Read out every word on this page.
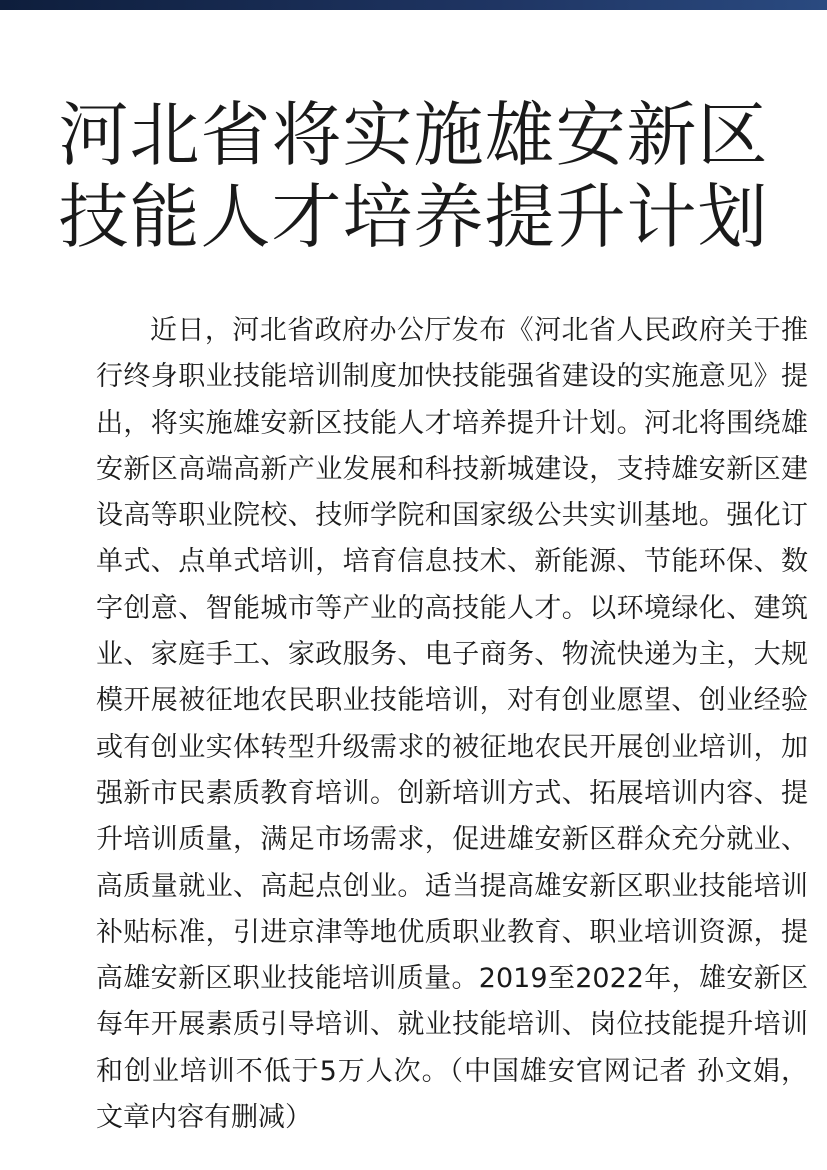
河北省将实施雄安新区
技能人才培养提升计划

近日，河北省政府办公厅发布《河北省人民政府关于推行终身职业技能培训制度加快技能强省建设的实施意见》提出，将实施雄安新区技能人才培养提升计划。河北将围绕雄安新区高端高新产业发展和科技新城建设，支持雄安新区建设高等职业院校、技师学院和国家级公共实训基地。强化订单式、点单式培训，培育信息技术、新能源、节能环保、数字创意、智能城市等产业的高技能人才。以环境绿化、建筑业、家庭手工、家政服务、电子商务、物流快递为主，大规模开展被征地农民职业技能培训，对有创业愿望、创业经验或有创业实体转型升级需求的被征地农民开展创业培训，加强新市民素质教育培训。创新培训方式、拓展培训内容、提升培训质量，满足市场需求，促进雄安新区群众充分就业、高质量就业、高起点创业。适当提高雄安新区职业技能培训补贴标准，引进京津等地优质职业教育、职业培训资源，提高雄安新区职业技能培训质量。2019至2022年，雄安新区每年开展素质引导培训、就业技能培训、岗位技能提升培训和创业培训不低于5万人次。（中国雄安官网记者 孙文娟，文章内容有删减）
